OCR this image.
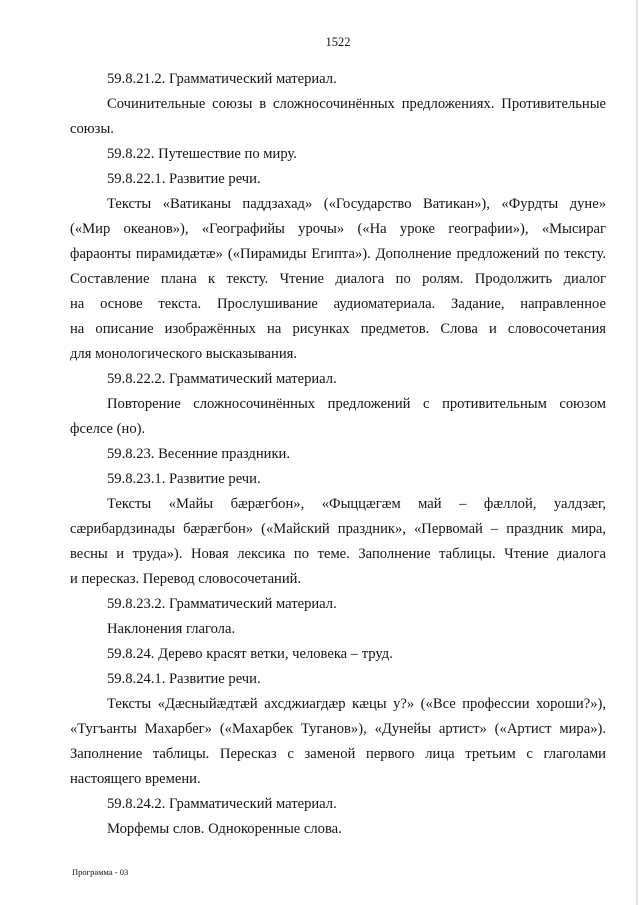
1522
59.8.21.2. Грамматический материал.
Сочинительные союзы в сложносочинённых предложениях. Противительные
союзы.
59.8.22. Путешествие по миру.
59.8.22.1. Развитие речи.
Тексты «Ватиканы паддзахад» («Государство Ватикан»), «Фурдты дуне»
(«Мир океанов»), «Географийы урочы» («На уроке географии»), «Мысираг
фараонты пирамидæтæ» («Пирамиды Египта»). Дополнение предложений по тексту.
Составление плана к тексту. Чтение диалога по ролям. Продолжить диалог
на основе текста. Прослушивание аудиоматериала. Задание, направленное
на описание изображённых на рисунках предметов. Слова и словосочетания
для монологического высказывания.
59.8.22.2. Грамматический материал.
Повторение сложносочинённых предложений с противительным союзом
фселсе (но).
59.8.23. Весенние праздники.
59.8.23.1. Развитие речи.
Тексты «Майы бæрæгбон», «Фыццæгæм май – фæллой, уалдзæг,
сæрибардзинады бæрæгбон» («Майский праздник», «Первомай – праздник мира,
весны и труда»). Новая лексика по теме. Заполнение таблицы. Чтение диалога
и пересказ. Перевод словосочетаний.
59.8.23.2. Грамматический материал.
Наклонения глагола.
59.8.24. Дерево красят ветки, человека – труд.
59.8.24.1. Развитие речи.
Тексты «Дæсныйæдтæй ахсджиагдæр кæцы у?» («Все профессии хороши?»),
«Тугъанты Махарбег» («Махарбек Туганов»), «Дунейы артист» («Артист мира»).
Заполнение таблицы. Пересказ с заменой первого лица третьим с глаголами
настоящего времени.
59.8.24.2. Грамматический материал.
Морфемы слов. Однокоренные слова.
Программа - 03
